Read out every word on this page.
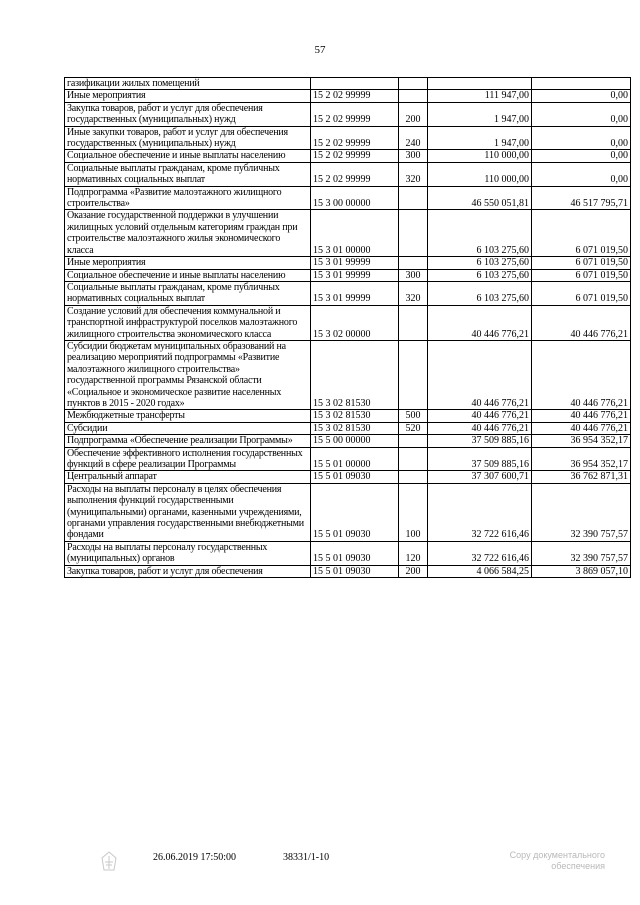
57
газификации жилых помещений				
Иные мероприятия	15 2 02 99999		111 947,00	0,00
Закупка товаров, работ и услуг для обеспечения государственных (муниципальных) нужд	15 2 02 99999	200	1 947,00	0,00
Иные закупки товаров, работ и услуг для обеспечения государственных (муниципальных) нужд	15 2 02 99999	240	1 947,00	0,00
Социальное обеспечение и иные выплаты населению	15 2 02 99999	300	110 000,00	0,00
Социальные выплаты гражданам, кроме публичных нормативных социальных выплат	15 2 02 99999	320	110 000,00	0,00
Подпрограмма «Развитие малоэтажного жилищного строительства»	15 3 00 00000		46 550 051,81	46 517 795,71
Оказание государственной поддержки в улучшении жилищных условий отдельным категориям граждан при строительстве малоэтажного жилья экономического класса	15 3 01 00000		6 103 275,60	6 071 019,50
Иные мероприятия	15 3 01 99999		6 103 275,60	6 071 019,50
Социальное обеспечение и иные выплаты населению	15 3 01 99999	300	6 103 275,60	6 071 019,50
Социальные выплаты гражданам, кроме публичных нормативных социальных выплат	15 3 01 99999	320	6 103 275,60	6 071 019,50
Создание условий для обеспечения коммунальной и транспортной инфраструктурой поселков малоэтажного жилищного строительства экономического класса	15 3 02 00000		40 446 776,21	40 446 776,21
Субсидии бюджетам муниципальных образований на реализацию мероприятий подпрограммы «Развитие малоэтажного жилищного строительства» государственной программы Рязанской области «Социальное и экономическое развитие населенных пунктов в 2015 - 2020 годах»	15 3 02 81530		40 446 776,21	40 446 776,21
Межбюджетные трансферты	15 3 02 81530	500	40 446 776,21	40 446 776,21
Субсидии	15 3 02 81530	520	40 446 776,21	40 446 776,21
Подпрограмма «Обеспечение реализации Программы»	15 5 00 00000		37 509 885,16	36 954 352,17
Обеспечение эффективного исполнения государственных функций в сфере реализации Программы	15 5 01 00000		37 509 885,16	36 954 352,17
Центральный аппарат	15 5 01 09030		37 307 600,71	36 762 871,31
Расходы на выплаты персоналу в целях обеспечения выполнения функций государственными (муниципальными) органами, казенными учреждениями, органами управления государственными внебюджетными фондами	15 5 01 09030	100	32 722 616,46	32 390 757,57
Расходы на выплаты персоналу государственных (муниципальных) органов	15 5 01 09030	120	32 722 616,46	32 390 757,57
Закупка товаров, работ и услуг для обеспечения	15 5 01 09030	200	4 066 584,25	3 869 057,10
26.06.2019 17:50:00	38331/1-10	Copy документального
обеспечения
